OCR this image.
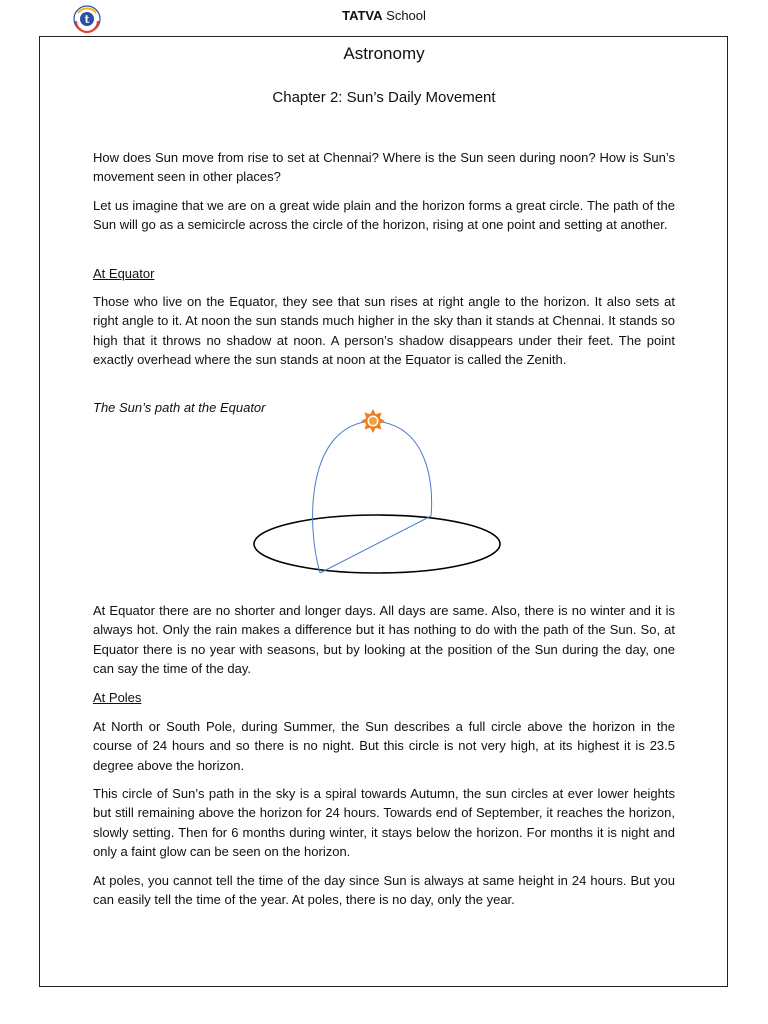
t	TATVA School
Astronomy
Chapter 2: Sun’s Daily Movement

How does Sun move from rise to set at Chennai? Where is the Sun seen during noon? How is Sun’s movement seen in other places?

Let us imagine that we are on a great wide plain and the horizon forms a great circle. The path of the Sun will go as a semicircle across the circle of the horizon, rising at one point and setting at another.

At Equator

Those who live on the Equator, they see that sun rises at right angle to the horizon. It also sets at right angle to it. At noon the sun stands much higher in the sky than it stands at Chennai. It stands so high that it throws no shadow at noon. A person’s shadow disappears under their feet. The point exactly overhead where the sun stands at noon at the Equator is called the Zenith.

The Sun’s path at the Equator

At Equator there are no shorter and longer days. All days are same. Also, there is no winter and it is always hot. Only the rain makes a difference but it has nothing to do with the path of the Sun. So, at Equator there is no year with seasons, but by looking at the position of the Sun during the day, one can say the time of the day.

At Poles

At North or South Pole, during Summer, the Sun describes a full circle above the horizon in the course of 24 hours and so there is no night. But this circle is not very high, at its highest it is 23.5 degree above the horizon.

This circle of Sun’s path in the sky is a spiral towards Autumn, the sun circles at ever lower heights but still remaining above the horizon for 24 hours. Towards end of September, it reaches the horizon, slowly setting. Then for 6 months during winter, it stays below the horizon. For months it is night and only a faint glow can be seen on the horizon.

At poles, you cannot tell the time of the day since Sun is always at same height in 24 hours. But you can easily tell the time of the year. At poles, there is no day, only the year.
